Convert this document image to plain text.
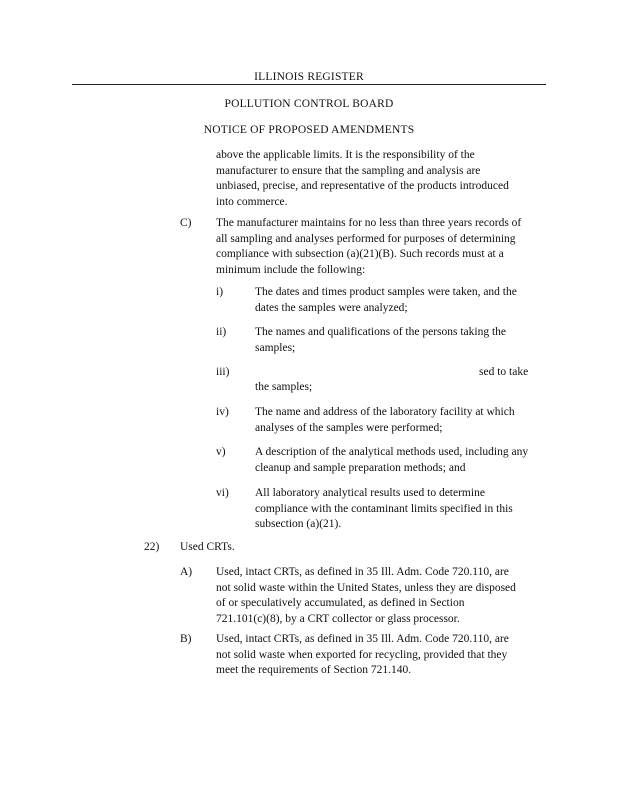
ILLINOIS REGISTER
POLLUTION CONTROL BOARD
NOTICE OF PROPOSED AMENDMENTS
above the applicable limits. It is the responsibility of the
manufacturer to ensure that the sampling and analysis are
unbiased, precise, and representative of the products introduced
into commerce.
C) The manufacturer maintains for no less than three years records of
all sampling and analyses performed for purposes of determining
compliance with subsection (a)(21)(B). Such records must at a
minimum include the following:
i)	The dates and times product samples were taken, and the
dates the samples were analyzed;
ii)	The names and qualifications of the persons taking the
samples;
iii)	sed to take
the samples;
iv) The name and address of the laboratory facility at which
analyses of the samples were performed;
v)	A description of the analytical methods used, including any
cleanup and sample preparation methods; and
vi) All laboratory analytical results used to determine
compliance with the contaminant limits specified in this
subsection (a)(21).
22) Used CRTs.
A) Used, intact CRTs, as defined in 35 Ill. Adm. Code 720.110, are
not solid waste within the United States, unless they are disposed
of or speculatively accumulated, as defined in Section
721.101(c)(8), by a CRT collector or glass processor.
B) Used, intact CRTs, as defined in 35 Ill. Adm. Code 720.110, are
not solid waste when exported for recycling, provided that they
meet the requirements of Section 721.140.
